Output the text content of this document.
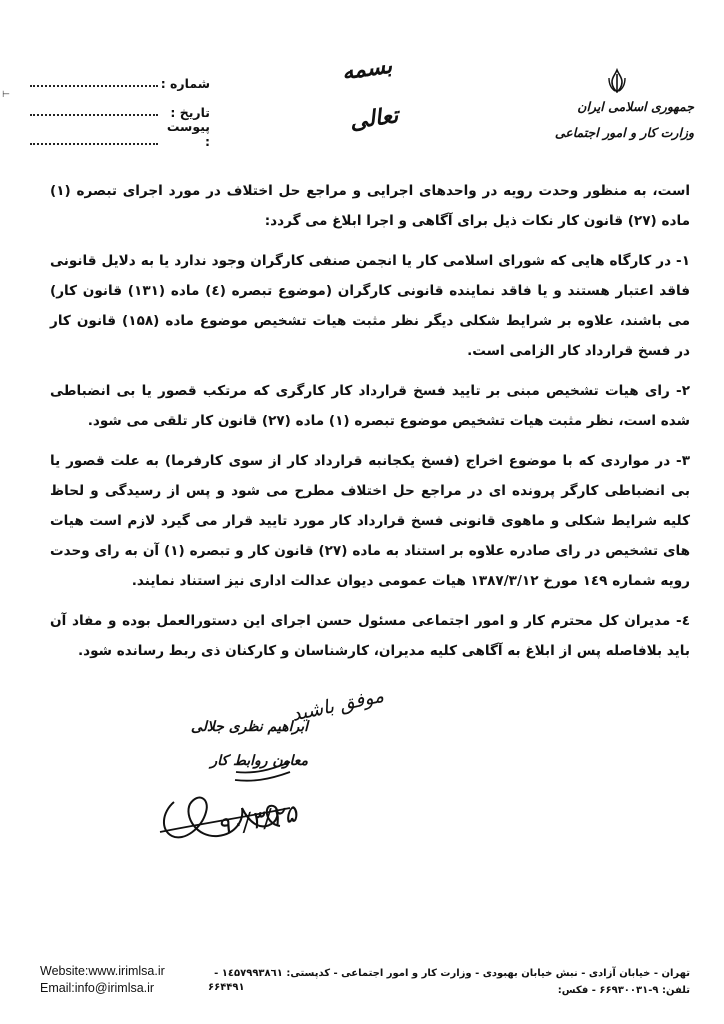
⊢
بسمه تعالی	جمهوری اسلامی ایران
وزارت کار و امور اجتماعی
شماره :
تاریخ :
پیوست :

است، به منظور وحدت رویه در واحدهای اجرایی و مراجع حل اختلاف در مورد اجرای تبصره (۱) ماده (۲۷) قانون کار نکات ذیل برای آگاهی و اجرا ابلاغ می گردد:

۱- در کارگاه هایی که شورای اسلامی کار یا انجمن صنفی کارگران وجود ندارد یا به دلایل قانونی فاقد اعتبار هستند و یا فاقد نماینده قانونی کارگران (موضوع تبصره (٤) ماده (۱۳۱) قانون کار) می باشند، علاوه بر شرایط شکلی دیگر نظر مثبت هیات تشخیص موضوع ماده (۱۵۸) قانون کار در فسخ قرارداد کار الزامی است.

۲- رای هیات تشخیص مبنی بر تایید فسخ قرارداد کار کارگری که مرتکب قصور یا بی انضباطی شده است، نظر مثبت هیات تشخیص موضوع تبصره (۱) ماده (۲۷) قانون کار تلقی می شود.

۳- در مواردی که با موضوع اخراج (فسخ یکجانبه قرارداد کار از سوی کارفرما) به علت قصور یا بی انضباطی کارگر پرونده ای در مراجع حل اختلاف مطرح می شود و پس از رسیدگی و لحاظ کلیه شرایط شکلی و ماهوی قانونی فسخ قرارداد کار مورد تایید قرار می گیرد لازم است هیات های تشخیص در رای صادره علاوه بر استناد به ماده (۲۷) قانون کار و تبصره (۱) آن به رای وحدت رویه شماره ۱٤۹ مورخ ۱۳۸۷/۳/۱۲ هیات عمومی دیوان عدالت اداری نیز استناد نمایند.

٤- مدیران کل محترم کار و امور اجتماعی مسئول حسن اجرای این دستورالعمل بوده و مفاد آن باید بلافاصله پس از ابلاغ به آگاهی کلیه مدیران، کارشناسان و کارکنان ذی ربط رسانده شود.

موفق باشید
ابراهیم نظری جلالی
معاون روابط کار
۹۰/۳/۲۵
Website:www.irimlsa.ir
Email:info@irimlsa.ir
تهران - خیابان آزادی - نبش خیابان بهبودی - وزارت کار و امور اجتماعی - کدپستی: ۱٤۵۷۹۹۳۸٦۱ - تلفن: ۹-۶۶۹۳۰۰۳۱ - فکس:
۶۶۴۴۹۱
